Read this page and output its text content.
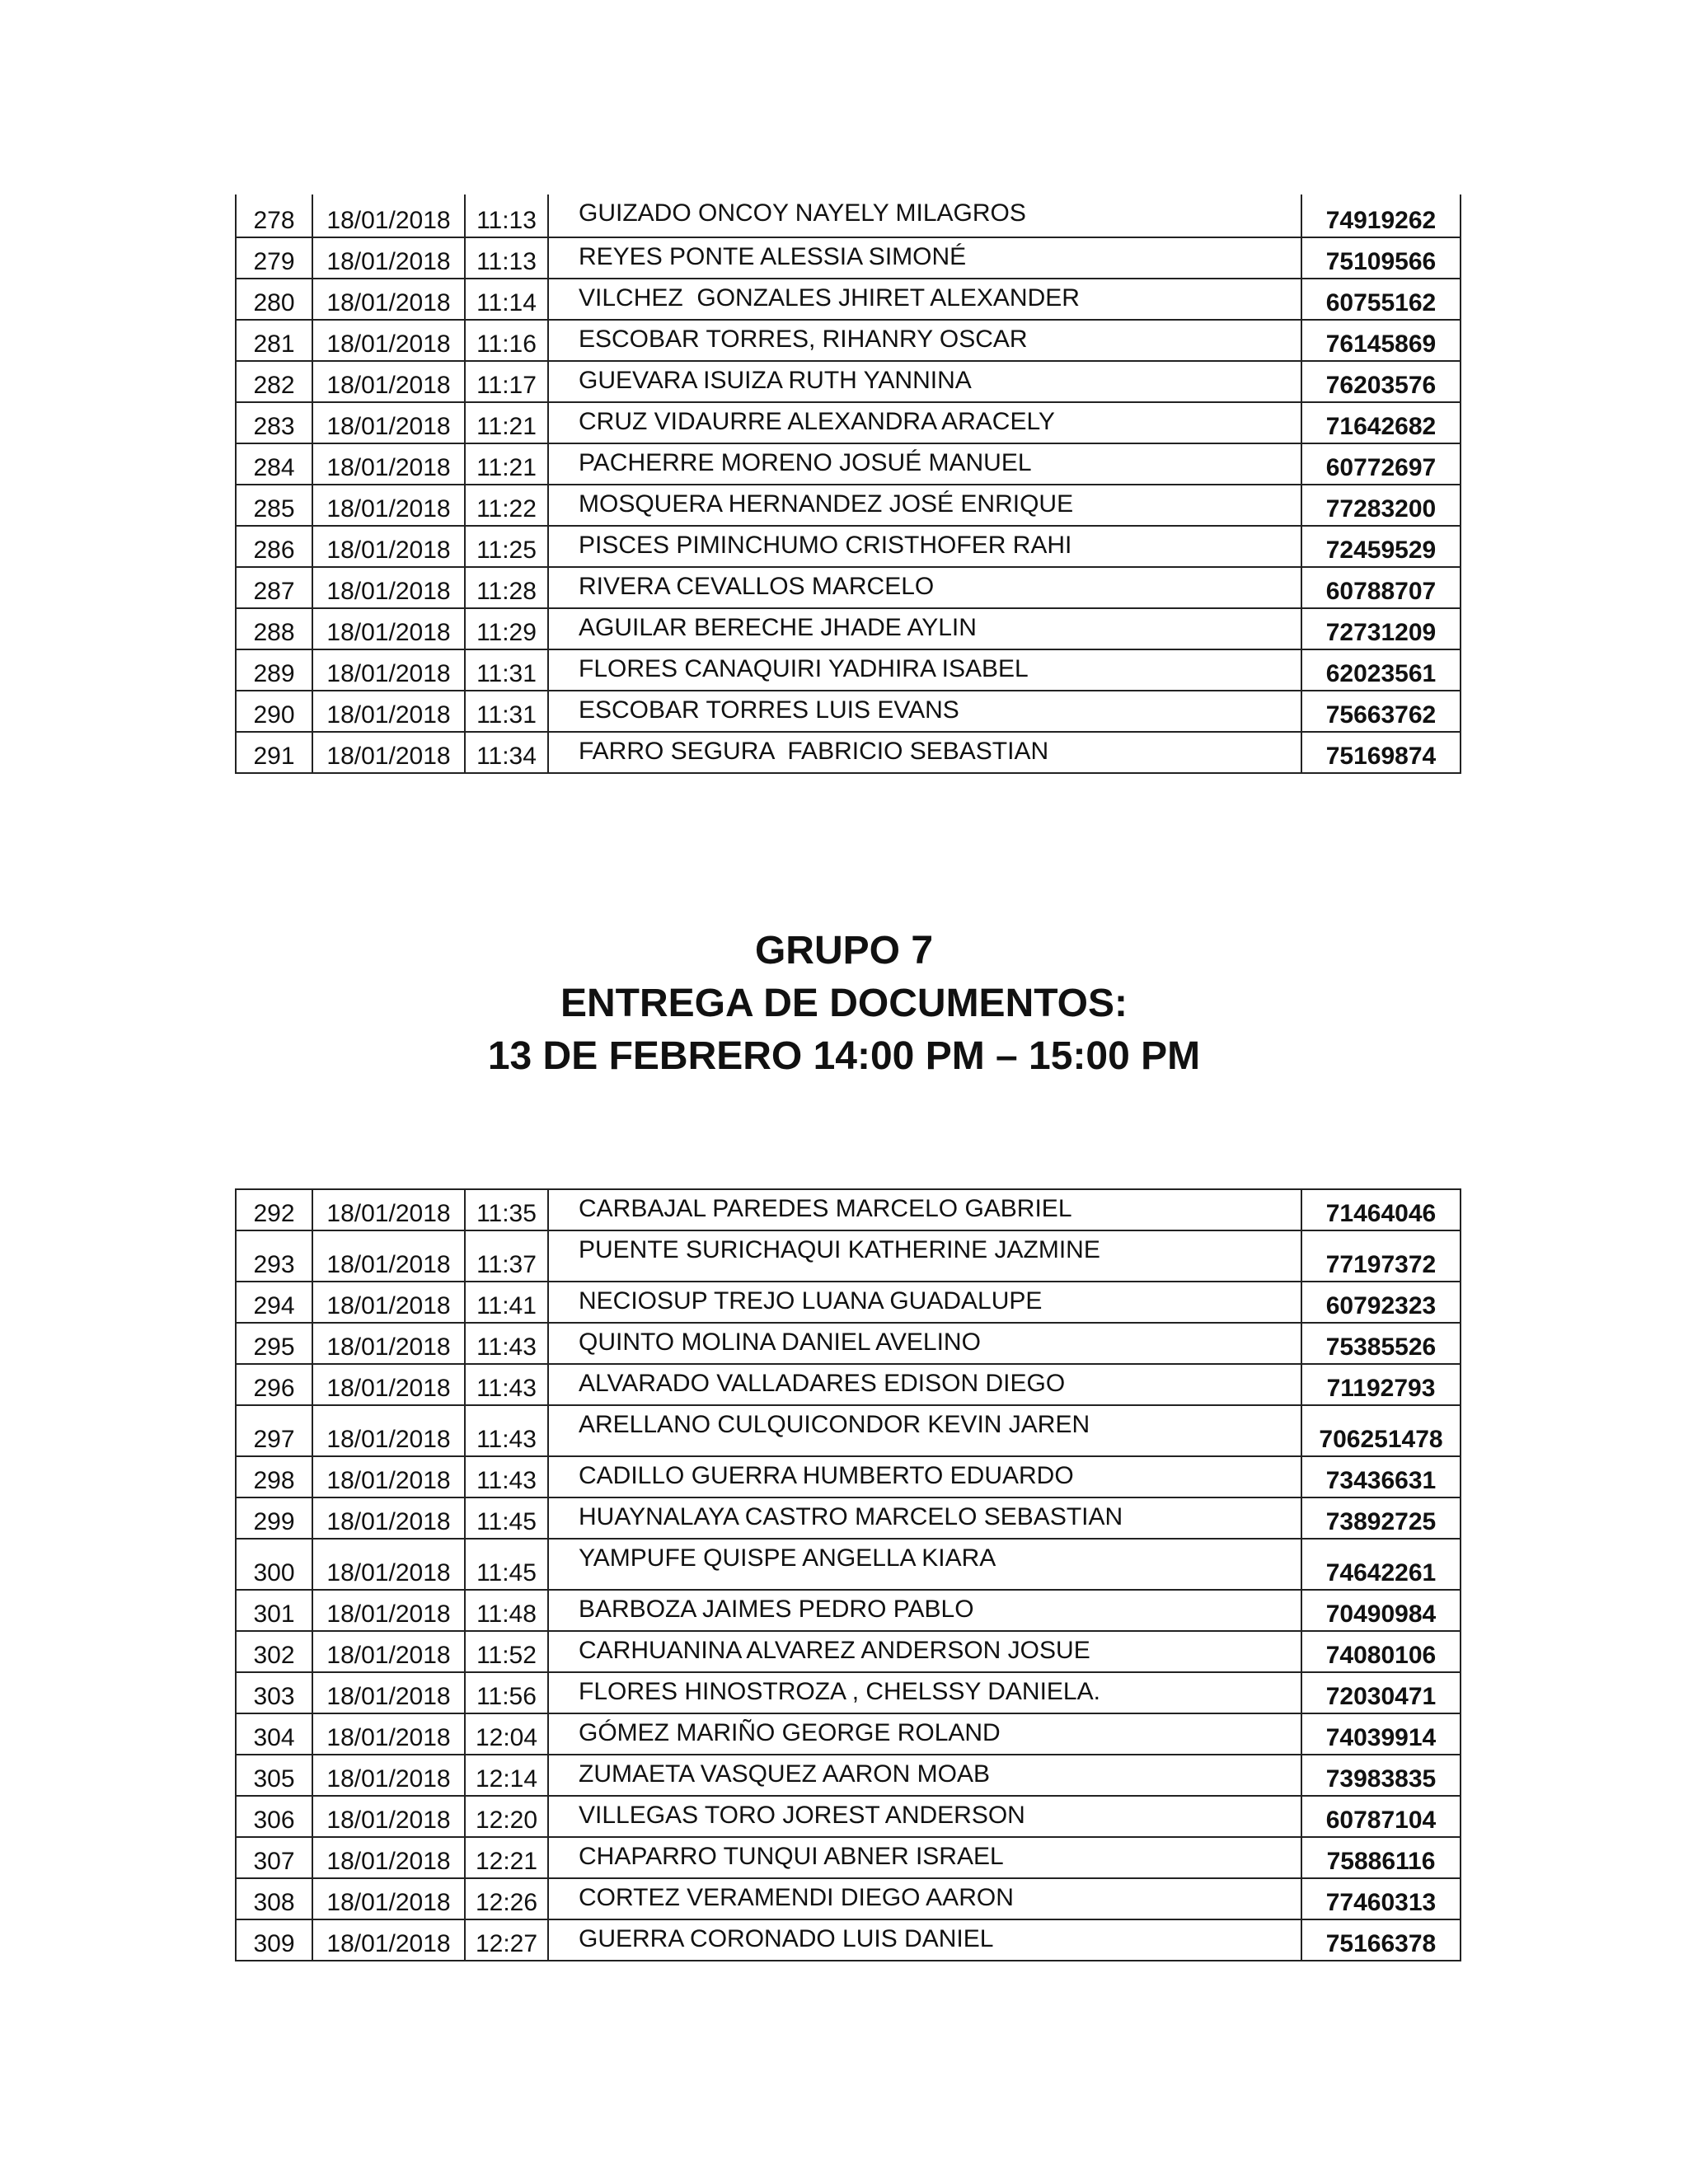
278	18/01/2018	11:13	GUIZADO ONCOY NAYELY MILAGROS	74919262
279	18/01/2018	11:13	REYES PONTE ALESSIA SIMONÉ	75109566
280	18/01/2018	11:14	VILCHEZ  GONZALES JHIRET ALEXANDER	60755162
281	18/01/2018	11:16	ESCOBAR TORRES, RIHANRY OSCAR	76145869
282	18/01/2018	11:17	GUEVARA ISUIZA RUTH YANNINA	76203576
283	18/01/2018	11:21	CRUZ VIDAURRE ALEXANDRA ARACELY	71642682
284	18/01/2018	11:21	PACHERRE MORENO JOSUÉ MANUEL	60772697
285	18/01/2018	11:22	MOSQUERA HERNANDEZ JOSÉ ENRIQUE	77283200
286	18/01/2018	11:25	PISCES PIMINCHUMO CRISTHOFER RAHI	72459529
287	18/01/2018	11:28	RIVERA CEVALLOS MARCELO	60788707
288	18/01/2018	11:29	AGUILAR BERECHE JHADE AYLIN	72731209
289	18/01/2018	11:31	FLORES CANAQUIRI YADHIRA ISABEL	62023561
290	18/01/2018	11:31	ESCOBAR TORRES LUIS EVANS	75663762
291	18/01/2018	11:34	FARRO SEGURA  FABRICIO SEBASTIAN	75169874
GRUPO 7
ENTREGA DE DOCUMENTOS:
13 DE FEBRERO 14:00 PM – 15:00 PM
292	18/01/2018	11:35	CARBAJAL PAREDES MARCELO GABRIEL	71464046
293	18/01/2018	11:37	PUENTE SURICHAQUI KATHERINE JAZMINE	77197372
294	18/01/2018	11:41	NECIOSUP TREJO LUANA GUADALUPE	60792323
295	18/01/2018	11:43	QUINTO MOLINA DANIEL AVELINO	75385526
296	18/01/2018	11:43	ALVARADO VALLADARES EDISON DIEGO	71192793
297	18/01/2018	11:43	ARELLANO CULQUICONDOR KEVIN JAREN	706251478
298	18/01/2018	11:43	CADILLO GUERRA HUMBERTO EDUARDO	73436631
299	18/01/2018	11:45	HUAYNALAYA CASTRO MARCELO SEBASTIAN	73892725
300	18/01/2018	11:45	YAMPUFE QUISPE ANGELLA KIARA	74642261
301	18/01/2018	11:48	BARBOZA JAIMES PEDRO PABLO	70490984
302	18/01/2018	11:52	CARHUANINA ALVAREZ ANDERSON JOSUE	74080106
303	18/01/2018	11:56	FLORES HINOSTROZA , CHELSSY DANIELA.	72030471
304	18/01/2018	12:04	GÓMEZ MARIÑO GEORGE ROLAND	74039914
305	18/01/2018	12:14	ZUMAETA VASQUEZ AARON MOAB	73983835
306	18/01/2018	12:20	VILLEGAS TORO JOREST ANDERSON	60787104
307	18/01/2018	12:21	CHAPARRO TUNQUI ABNER ISRAEL	75886116
308	18/01/2018	12:26	CORTEZ VERAMENDI DIEGO AARON	77460313
309	18/01/2018	12:27	GUERRA CORONADO LUIS DANIEL	75166378
